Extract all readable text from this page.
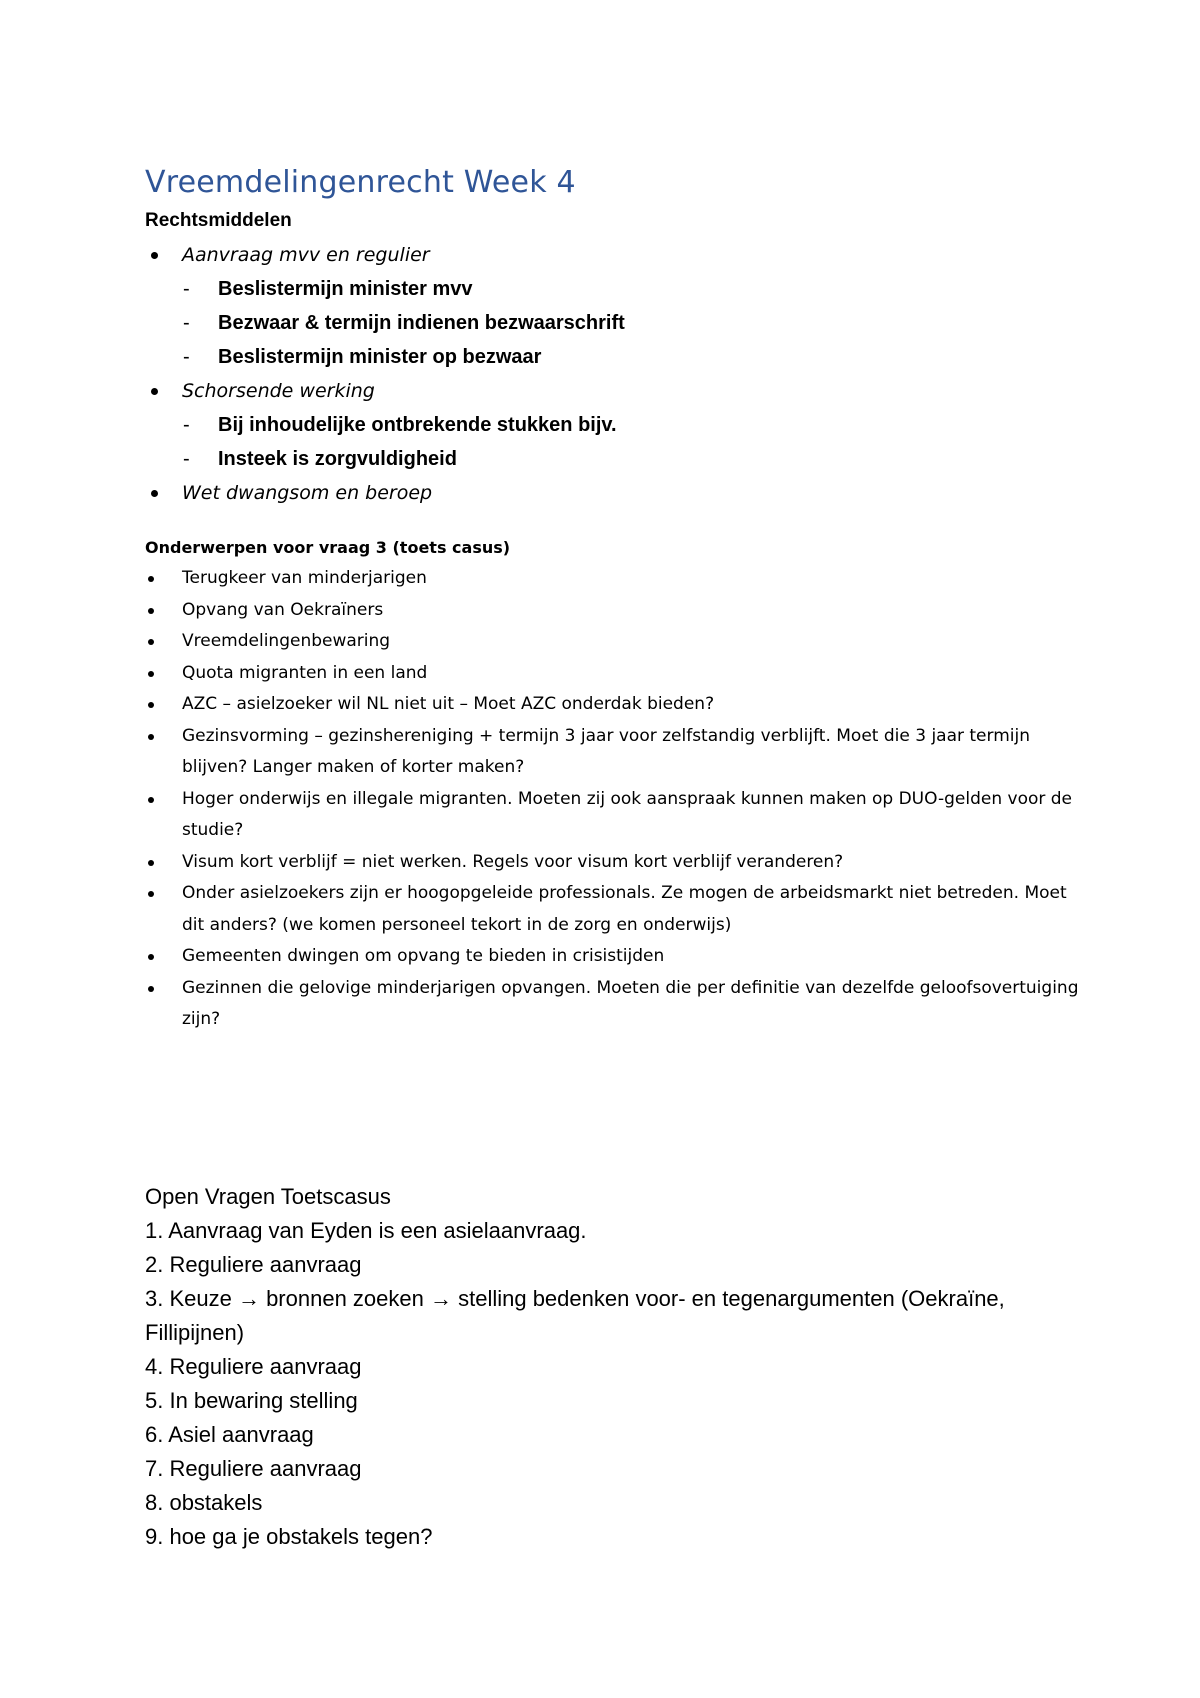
Vreemdelingenrecht Week 4
Rechtsmiddelen
Aanvraag mvv en regulier
- Beslistermijn minister mvv
- Bezwaar & termijn indienen bezwaarschrift
- Beslistermijn minister op bezwaar
Schorsende werking
- Bij inhoudelijke ontbrekende stukken bijv.
- Insteek is zorgvuldigheid
Wet dwangsom en beroep
Onderwerpen voor vraag 3 (toets casus)
Terugkeer van minderjarigen
Opvang van Oekraïners
Vreemdelingenbewaring
Quota migranten in een land
AZC – asielzoeker wil NL niet uit – Moet AZC onderdak bieden?
Gezinsvorming – gezinshereniging + termijn 3 jaar voor zelfstandig verblijft. Moet die 3 jaar termijn blijven? Langer maken of korter maken?
Hoger onderwijs en illegale migranten. Moeten zij ook aanspraak kunnen maken op DUO-gelden voor de studie?
Visum kort verblijf = niet werken. Regels voor visum kort verblijf veranderen?
Onder asielzoekers zijn er hoogopgeleide professionals. Ze mogen de arbeidsmarkt niet betreden. Moet dit anders? (we komen personeel tekort in de zorg en onderwijs)
Gemeenten dwingen om opvang te bieden in crisistijden
Gezinnen die gelovige minderjarigen opvangen. Moeten die per definitie van dezelfde geloofsovertuiging zijn?
Open Vragen Toetscasus
1. Aanvraag van Eyden is een asielaanvraag.
2. Reguliere aanvraag
3. Keuze → bronnen zoeken → stelling bedenken voor- en tegenargumenten (Oekraïne, Fillipijnen)
4. Reguliere aanvraag
5. In bewaring stelling
6. Asiel aanvraag
7. Reguliere aanvraag
8. obstakels
9. hoe ga je obstakels tegen?
